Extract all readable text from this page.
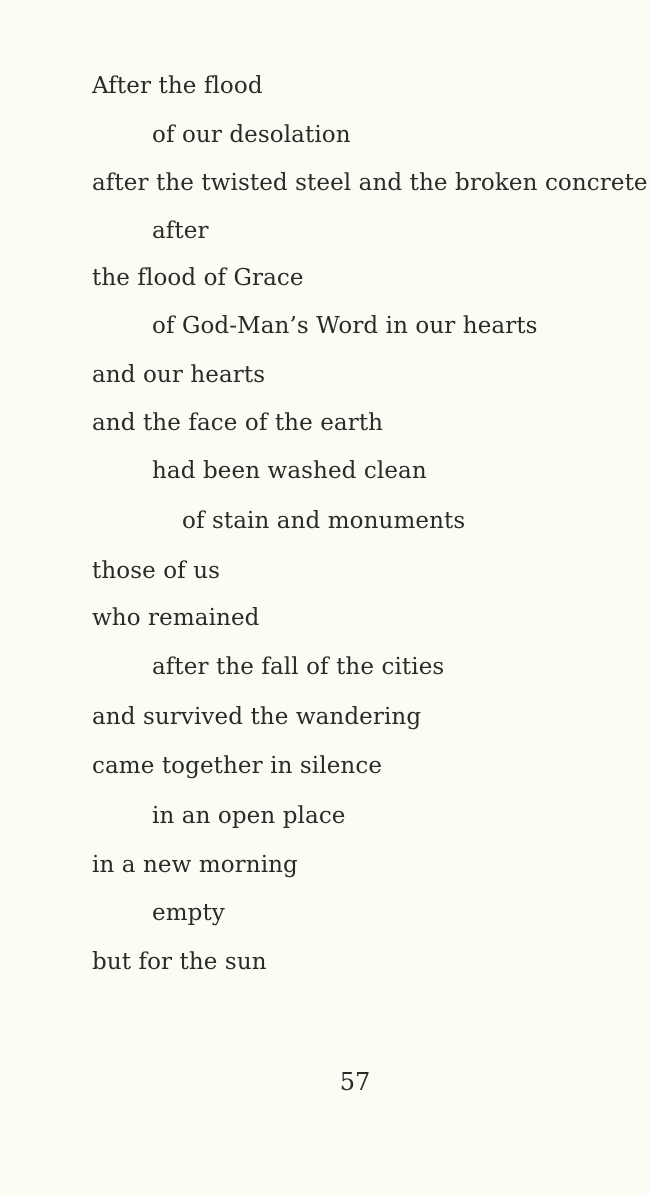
After the flood
of our desolation
after the twisted steel and the broken concrete
after
the flood of Grace
of God-Man’s Word in our hearts
and our hearts
and the face of the earth
had been washed clean
of stain and monuments
those of us
who remained
after the fall of the cities
and survived the wandering
came together in silence
in an open place
in a new morning
empty
but for the sun
57
